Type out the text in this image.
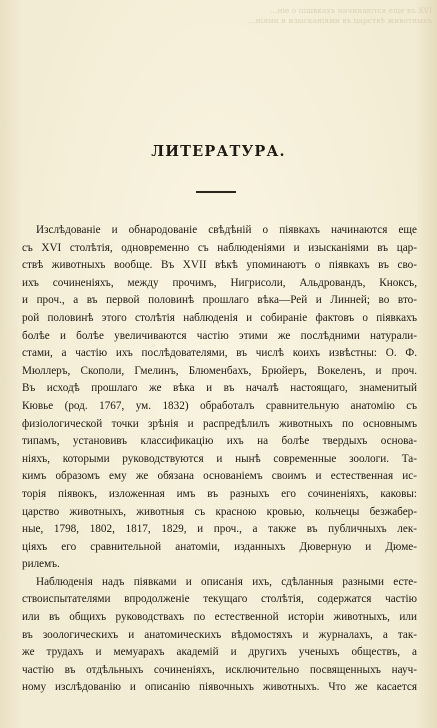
…ніе о пішвкахъ начинаются еще въ XVI
…ніями и изысканіями въ царствѣ животныхъ
ЛИТЕРАТУРА.
Изслѣдованіе и обнародованіе свѣдѣній о піявкахъ начинаются еще
съ XVI столѣтія, одновременно съ наблюденіями и изысканіями въ цар-
ствѣ животныхъ вообще. Въ XVII вѣкѣ упоминаютъ о піявкахъ въ сво-
ихъ сочиненіяхъ, между прочимъ, Нигрисоли, Альдровандъ, Кноксъ,
и проч., а въ первой половинѣ прошлаго вѣка—Рей и Линней; во вто-
рой половинѣ этого столѣтія наблюденія и собираніе фактовъ о піявкахъ
болѣе и болѣе увеличиваются частію этими же послѣдними натурали-
стами, а частію ихъ послѣдователями, въ числѣ коихъ извѣстны: О. Ф.
Мюллеръ, Скополи, Гмелинъ, Блюменбахъ, Брюйеръ, Вокеленъ, и проч.
Въ исходѣ прошлаго же вѣка и въ началѣ настоящаго, знаменитый
Кювье (род. 1767, ум. 1832) обработалъ сравнительную анатомію съ
физіологической точки зрѣнія и распредѣлилъ животныхъ по основнымъ
типамъ, установивъ классификацію ихъ на болѣе твердыхъ основа-
ніяхъ, которыми руководствуются и нынѣ современные зоологи. Та-
кимъ образомъ ему же обязана основаніемъ своимъ и естественная ис-
торія піявокъ, изложенная имъ въ разныхъ его сочиненіяхъ, каковы:
царство животныхъ, животныя съ красною кровью, кольчецы безжабер-
ные, 1798, 1802, 1817, 1829, и проч., а также въ публичныхъ лек-
ціяхъ его сравнительной анатоміи, изданныхъ Дюверную и Дюме-
рилемъ.
Наблюденія надъ піявками и описанія ихъ, сдѣланныя разными есте-
ствоиспытателями впродолженіе текущаго столѣтія, содержатся частію
или въ общихъ руководствахъ по естественной исторіи животныхъ, или
въ зоологическихъ и анатомическихъ вѣдомостяхъ и журналахъ, а так-
же трудахъ и мемуарахъ академій и другихъ ученыхъ обществъ, а
частію въ отдѣльныхъ сочиненіяхъ, исключительно посвященныхъ науч-
ному изслѣдованію и описанію піявочныхъ животныхъ. Что же касается
